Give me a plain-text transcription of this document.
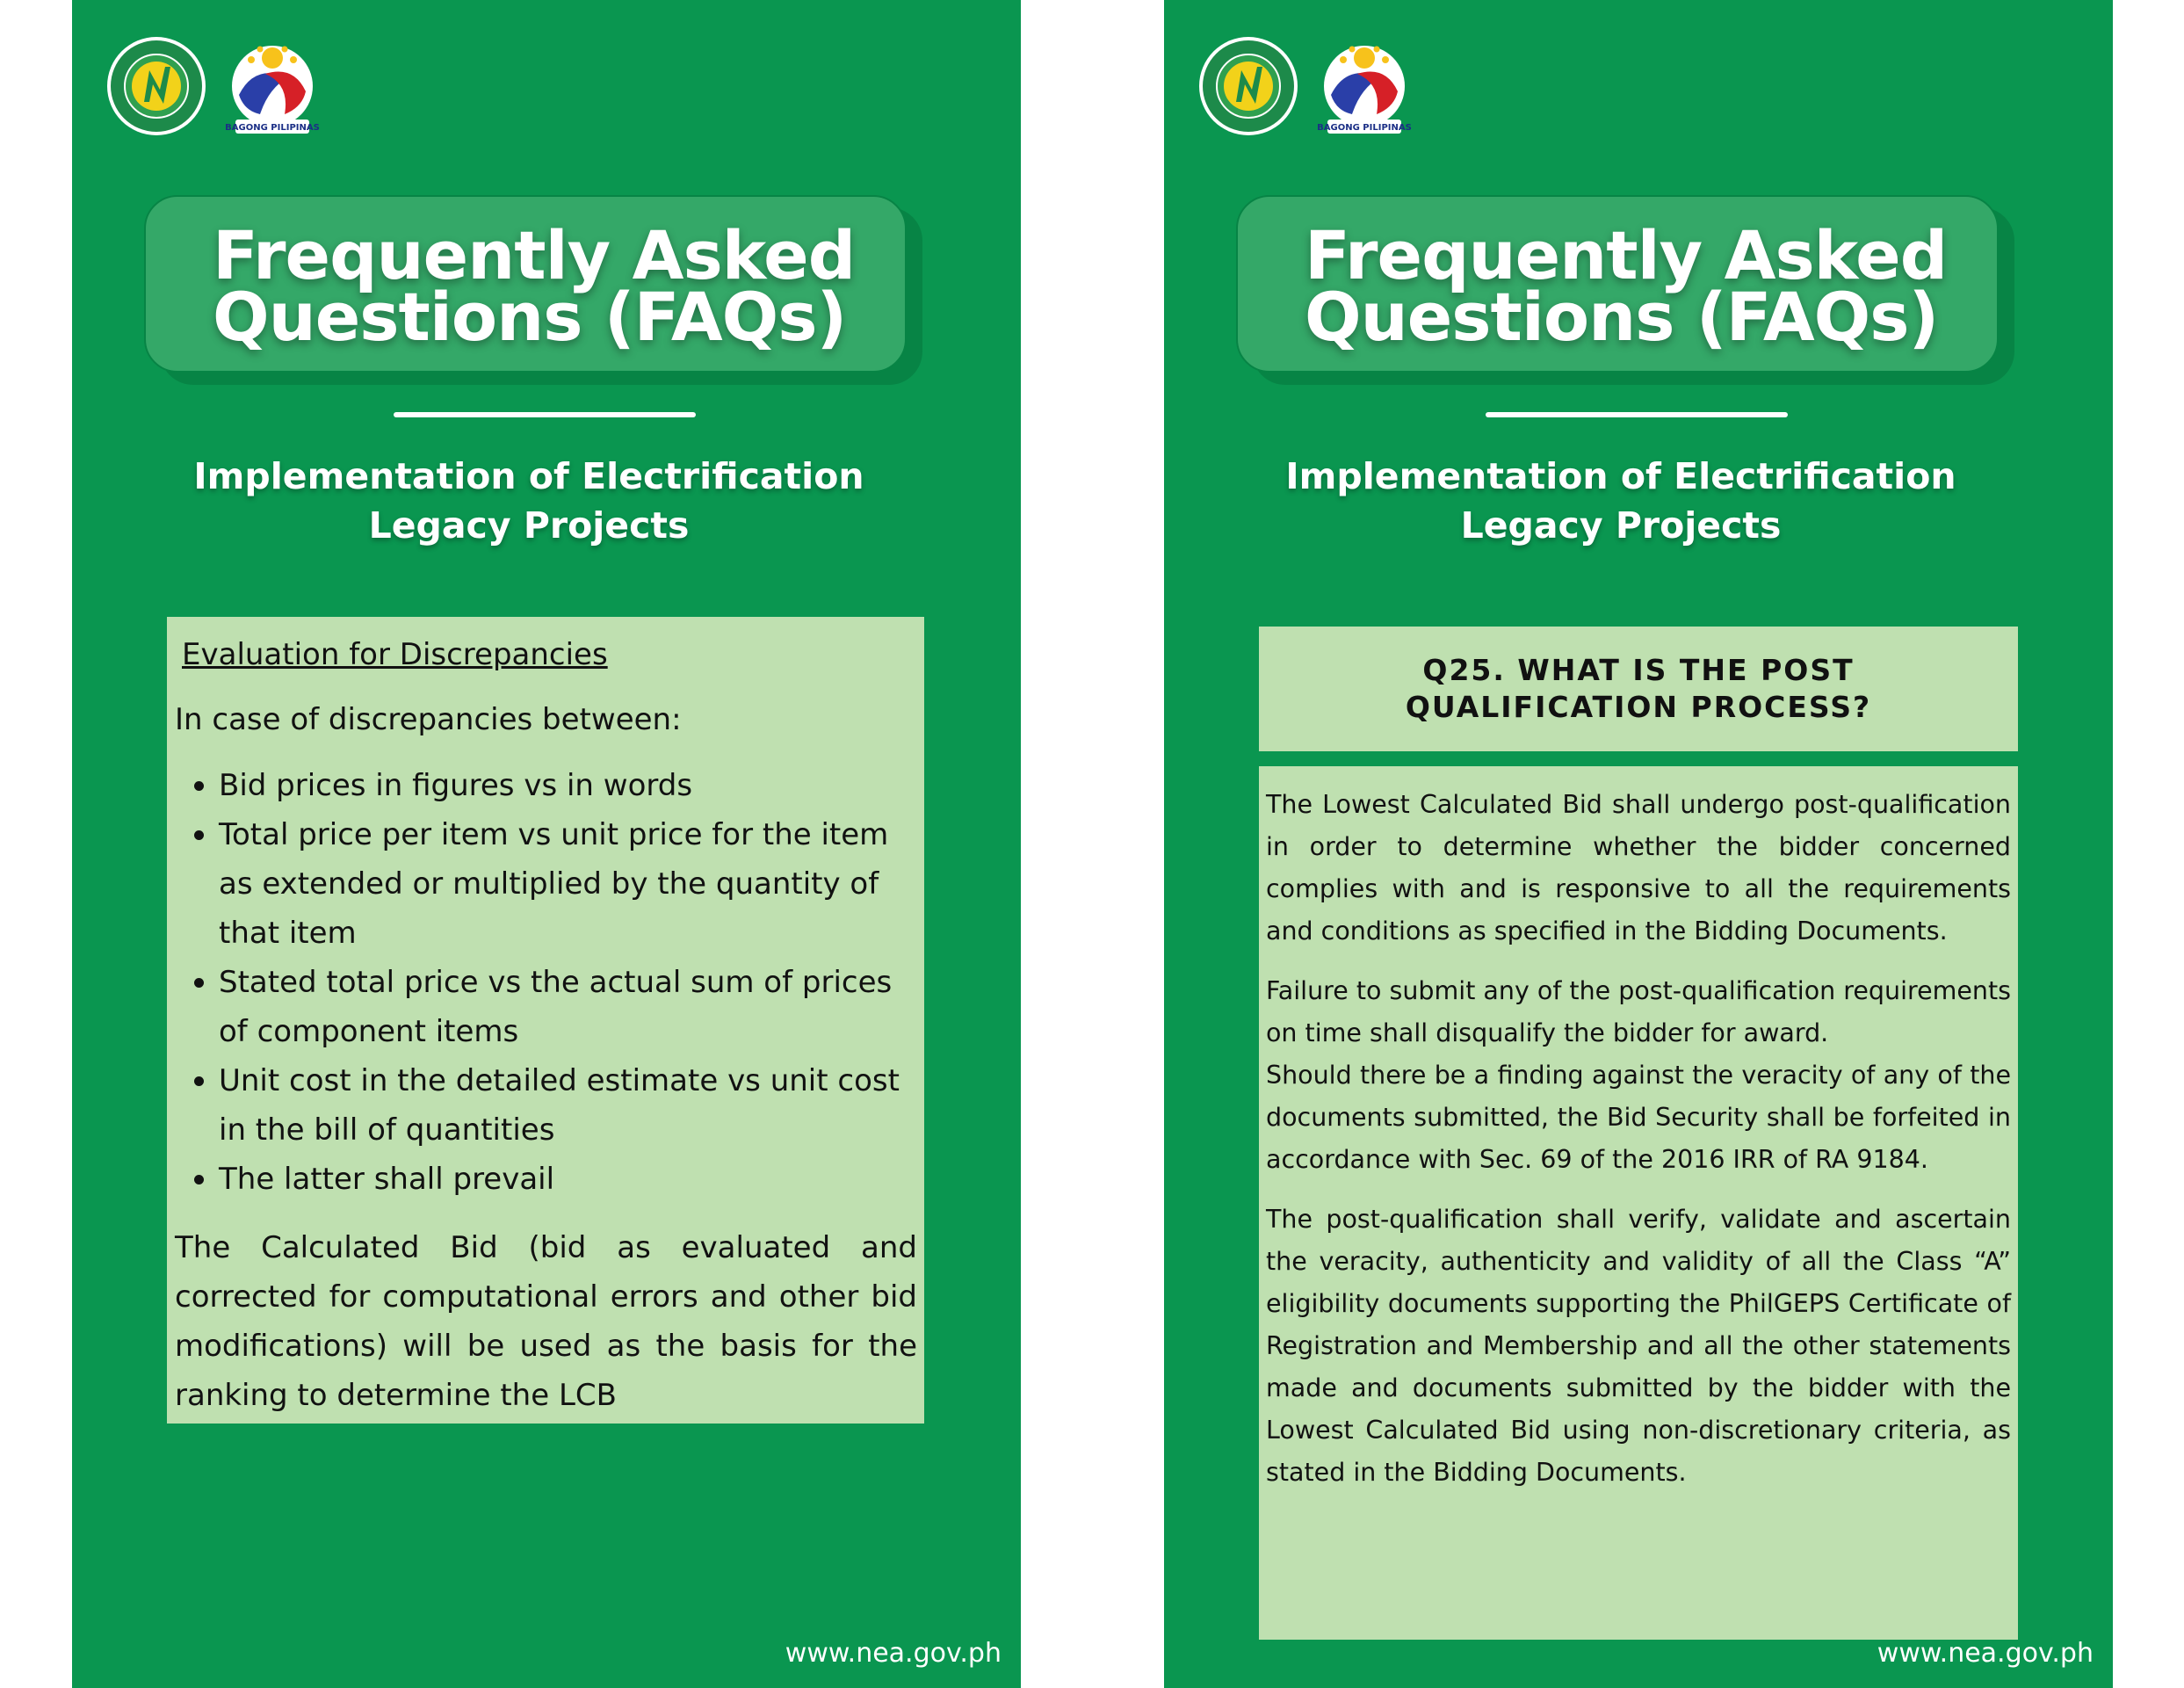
BAGONG PILIPINAS
Frequently Asked
Questions (FAQs)
Implementation of Electrification
Legacy Projects
Evaluation for Discrepancies
In case of discrepancies between:
Bid prices in figures vs in words
Total price per item vs unit price for the item as extended or multiplied by the quantity of that item
Stated total price vs the actual sum of prices of component items
Unit cost in the detailed estimate vs unit cost in the bill of quantities
The latter shall prevail
The Calculated Bid (bid as evaluated and corrected for computational errors and other bid modifications) will be used as the basis for the ranking to determine the LCB
www.nea.gov.ph
BAGONG PILIPINAS
Frequently Asked
Questions (FAQs)
Implementation of Electrification
Legacy Projects
Q25. WHAT IS THE POST QUALIFICATION PROCESS?

The Lowest Calculated Bid shall undergo post-qualification in order to determine whether the bidder concerned complies with and is responsive to all the requirements and conditions as specified in the Bidding Documents.

Failure to submit any of the post-qualification requirements on time shall disqualify the bidder for award.

Should there be a finding against the veracity of any of the documents submitted, the Bid Security shall be forfeited in accordance with Sec. 69 of the 2016 IRR of RA 9184.

The post-qualification shall verify, validate and ascertain the veracity, authenticity and validity of all the Class “A” eligibility documents supporting the PhilGEPS Certificate of Registration and Membership and all the other statements made and documents submitted by the bidder with the Lowest Calculated Bid using non-discretionary criteria, as stated in the Bidding Documents.

www.nea.gov.ph
